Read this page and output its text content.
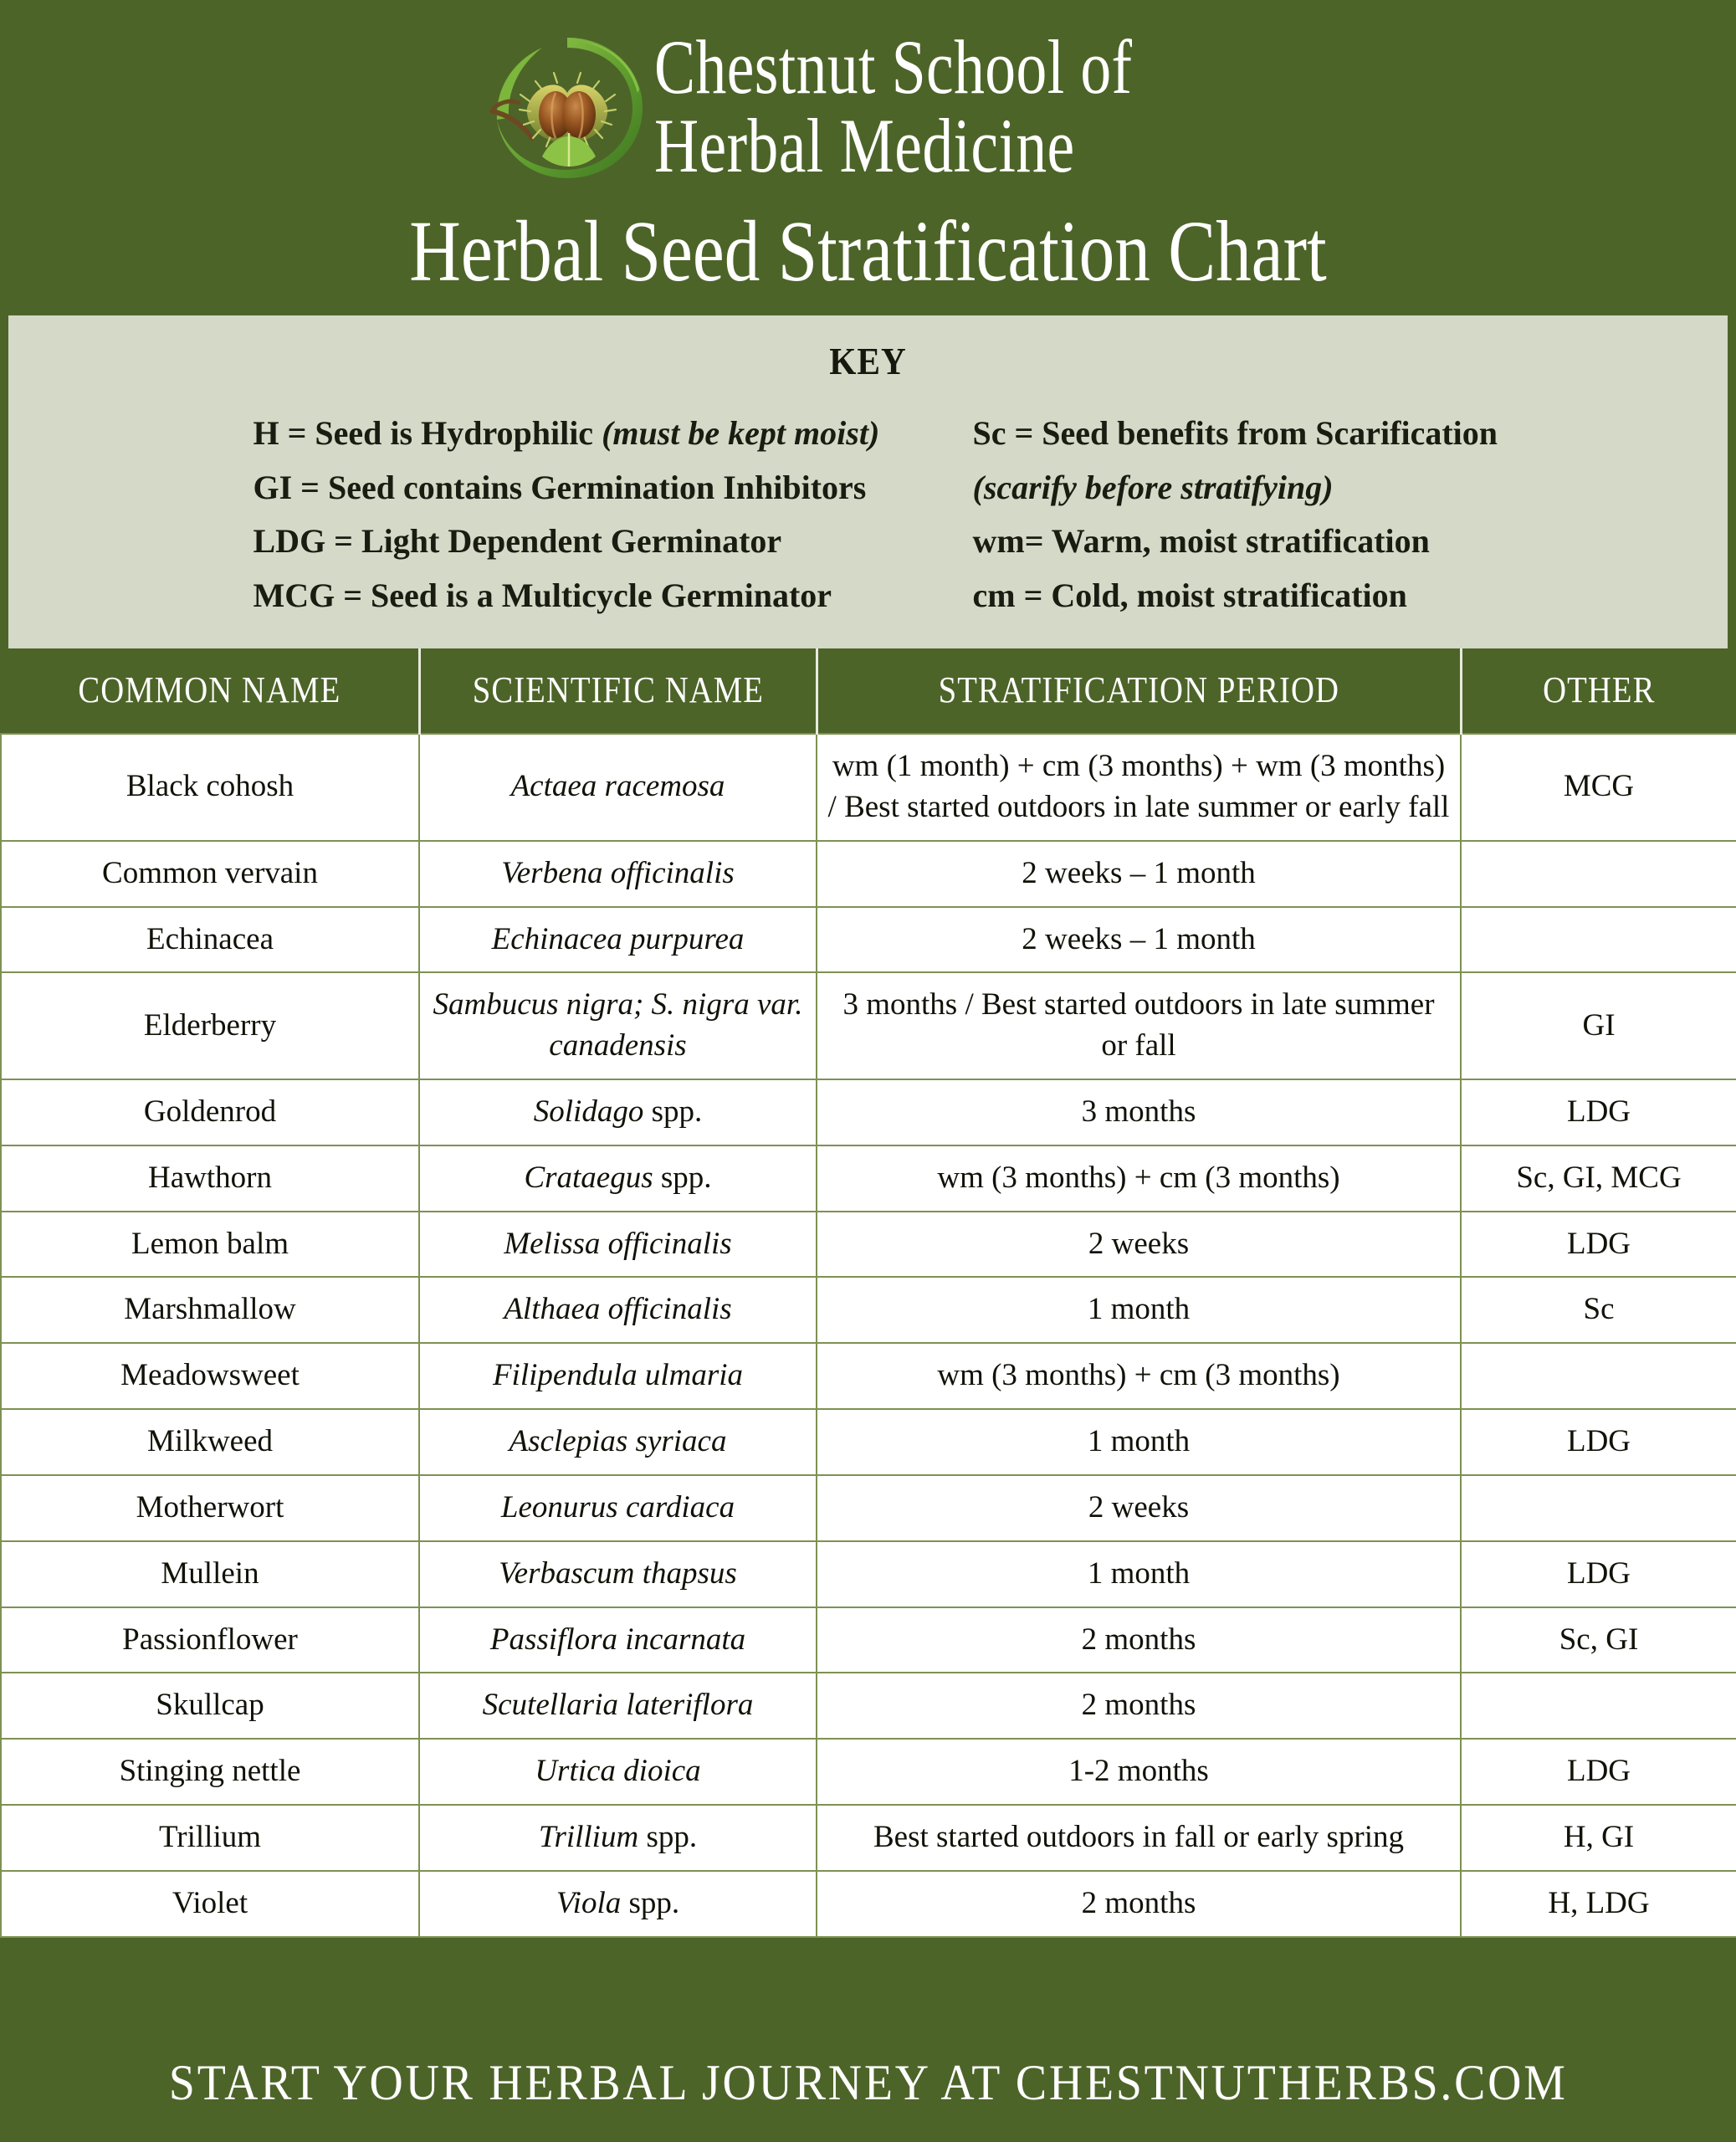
Chestnut School of
Herbal Medicine
Herbal Seed Stratification Chart
KEY
H = Seed is Hydrophilic (must be kept moist)
GI = Seed contains Germination Inhibitors
LDG = Light Dependent Germinator
MCG = Seed is a Multicycle Germinator
Sc = Seed benefits from Scarification
(scarify before stratifying)
wm= Warm, moist stratification
cm = Cold, moist stratification
COMMON NAME	SCIENTIFIC NAME	STRATIFICATION PERIOD	OTHER
Black cohosh	Actaea racemosa	wm (1 month) + cm (3 months) + wm (3 months) / Best started outdoors in late summer or early fall	MCG
Common vervain	Verbena officinalis	2 weeks – 1 month	
Echinacea	Echinacea purpurea	2 weeks – 1 month	
Elderberry	Sambucus nigra; S. nigra var. canadensis	3 months / Best started outdoors in late summer or fall	GI
Goldenrod	Solidago spp.	3 months	LDG
Hawthorn	Crataegus spp.	wm (3 months) + cm (3 months)	Sc, GI, MCG
Lemon balm	Melissa officinalis	2 weeks	LDG
Marshmallow	Althaea officinalis	1 month	Sc
Meadowsweet	Filipendula ulmaria	wm (3 months) + cm (3 months)	
Milkweed	Asclepias syriaca	1 month	LDG
Motherwort	Leonurus cardiaca	2 weeks	
Mullein	Verbascum thapsus	1 month	LDG
Passionflower	Passiflora incarnata	2 months	Sc, GI
Skullcap	Scutellaria lateriflora	2 months	
Stinging nettle	Urtica dioica	1-2 months	LDG
Trillium	Trillium spp.	Best started outdoors in fall or early spring	H, GI
Violet	Viola spp.	2 months	H, LDG
START YOUR HERBAL JOURNEY AT CHESTNUTHERBS.COM
